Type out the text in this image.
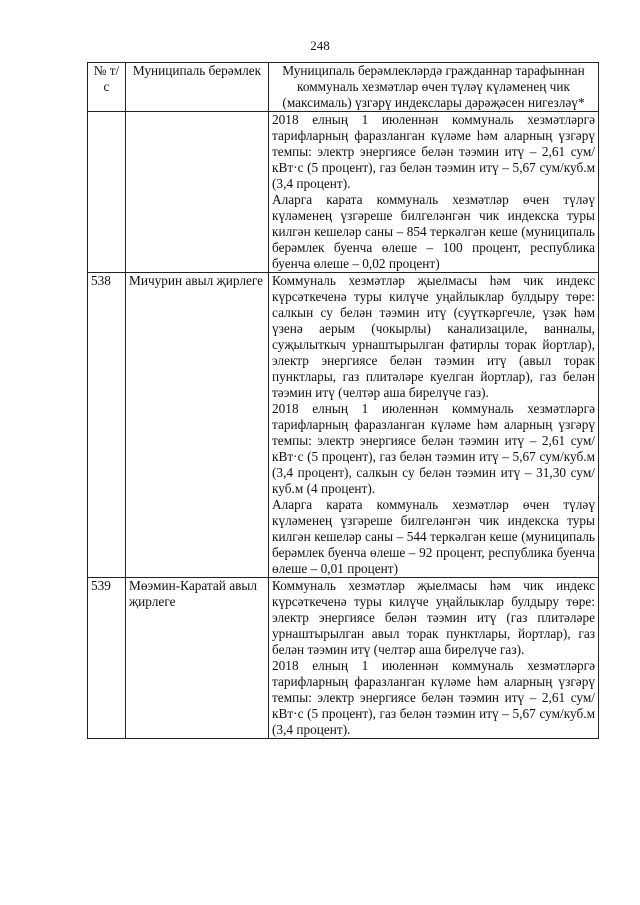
248
№ т/с	Муниципаль берәмлек	Муниципаль берәмлекләрдә гражданнар тарафыннан коммуналь хезмәтләр өчен түләү күләменең чик (максималь) үзгәрү индекслары дәрәҗәсен нигезләү*

		2018 елның 1 июленнән коммуналь хезмәтләргә тарифларның фаразланган күләме һәм аларның үзгәрү темпы: электр энергиясе белән тәэмин итү – 2,61 сум/кВт·с (5 процент), газ белән тәэмин итү – 5,67 сум/куб.м (3,4 процент).

Аларга карата коммуналь хезмәтләр өчен түләү күләменең үзгәреше билгеләнгән чик индекска туры килгән кешеләр саны – 854 теркәлгән кеше (муниципаль берәмлек буенча өлеше – 100 процент, республика буенча өлеше – 0,02 процент)

538	Мичурин авыл җирлеге	Коммуналь хезмәтләр җыелмасы һәм чик индекс күрсәткеченә туры килүче уңайлыклар булдыру төре: салкын су белән тәэмин итү (суүткәргечле, үзәк һәм үзенә аерым (чокырлы) канализациле, ванналы, суҗылыткыч урнаштырылган фатирлы торак йортлар), электр энергиясе белән тәэмин итү (авыл торак пунктлары, газ плитәләре куелган йортлар), газ белән тәэмин итү (челтәр аша бирелүче газ).

2018 елның 1 июленнән коммуналь хезмәтләргә тарифларның фаразланган күләме һәм аларның үзгәрү темпы: электр энергиясе белән тәэмин итү – 2,61 сум/кВт·с (5 процент), газ белән тәэмин итү – 5,67 сум/куб.м (3,4 процент), салкын су белән тәэмин итү – 31,30 сум/куб.м (4 процент).

Аларга карата коммуналь хезмәтләр өчен түләү күләменең үзгәреше билгеләнгән чик индекска туры килгән кешеләр саны – 544 теркәлгән кеше (муниципаль берәмлек буенча өлеше – 92 процент, республика буенча өлеше – 0,01 процент)

539	Мөэмин-Каратай авыл җирлеге	Коммуналь хезмәтләр җыелмасы һәм чик индекс күрсәткеченә туры килүче уңайлыклар булдыру төре: электр энергиясе белән тәэмин итү (газ плитәләре урнаштырылган авыл торак пунктлары, йортлар), газ белән тәэмин итү (челтәр аша бирелүче газ).

2018 елның 1 июленнән коммуналь хезмәтләргә тарифларның фаразланган күләме һәм аларның үзгәрү темпы: электр энергиясе белән тәэмин итү – 2,61 сум/кВт·с (5 процент), газ белән тәэмин итү – 5,67 сум/куб.м (3,4 процент).
